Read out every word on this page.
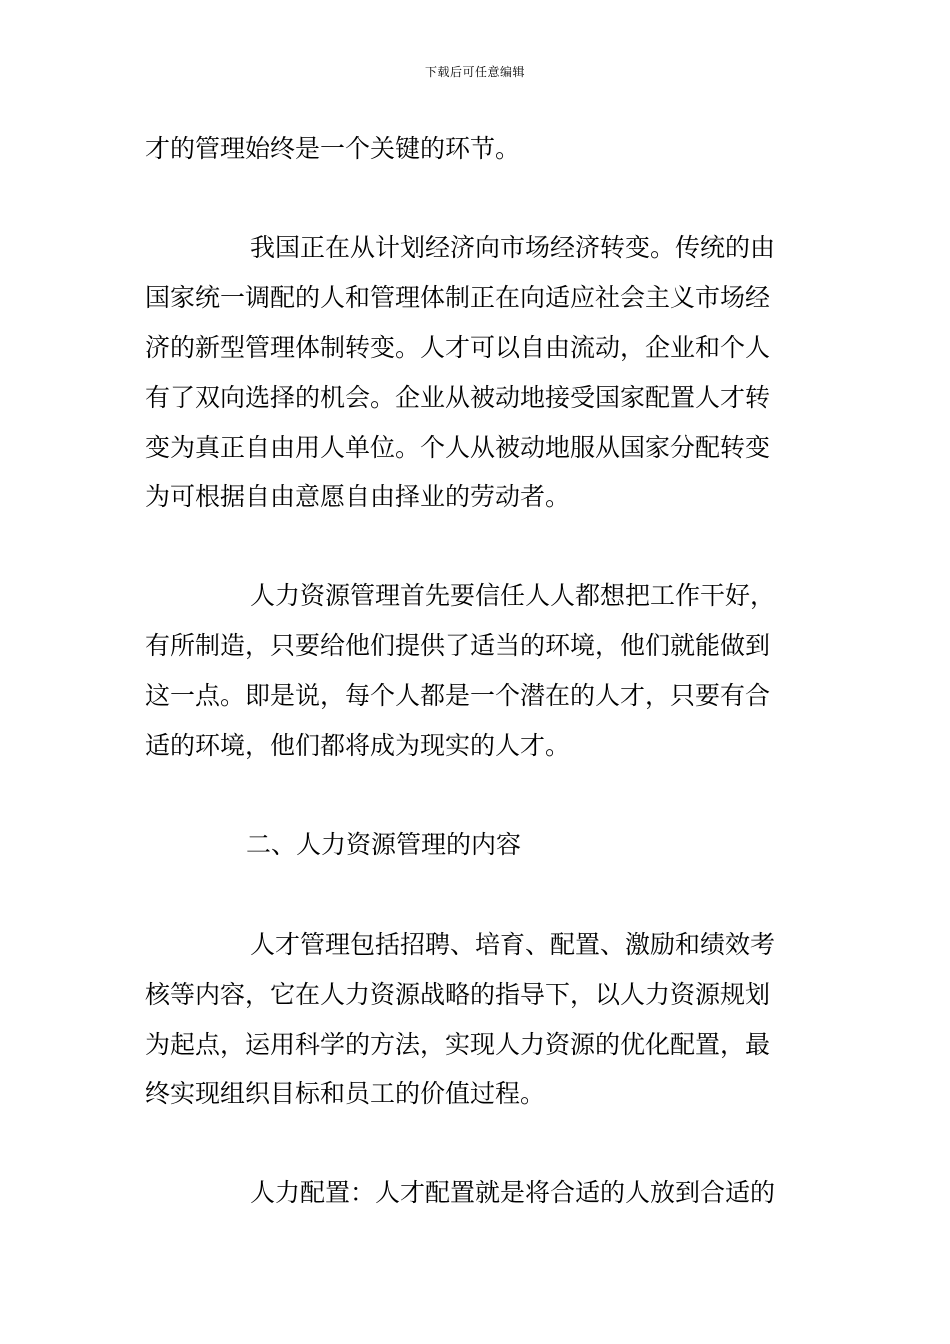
下载后可任意编辑
才的管理始终是一个关键的环节。
我国正在从计划经济向市场经济转变。传统的由
国家统一调配的人和管理体制正在向适应社会主义市场经
济的新型管理体制转变。人才可以自由流动，企业和个人
有了双向选择的机会。企业从被动地接受国家配置人才转
变为真正自由用人单位。个人从被动地服从国家分配转变
为可根据自由意愿自由择业的劳动者。
人力资源管理首先要信任人人都想把工作干好，
有所制造，只要给他们提供了适当的环境，他们就能做到
这一点。即是说，每个人都是一个潜在的人才，只要有合
适的环境，他们都将成为现实的人才。
二、人力资源管理的内容
人才管理包括招聘、培育、配置、激励和绩效考
核等内容，它在人力资源战略的指导下，以人力资源规划
为起点，运用科学的方法，实现人力资源的优化配置，最
终实现组织目标和员工的价值过程。
人力配置：人才配置就是将合适的人放到合适的
